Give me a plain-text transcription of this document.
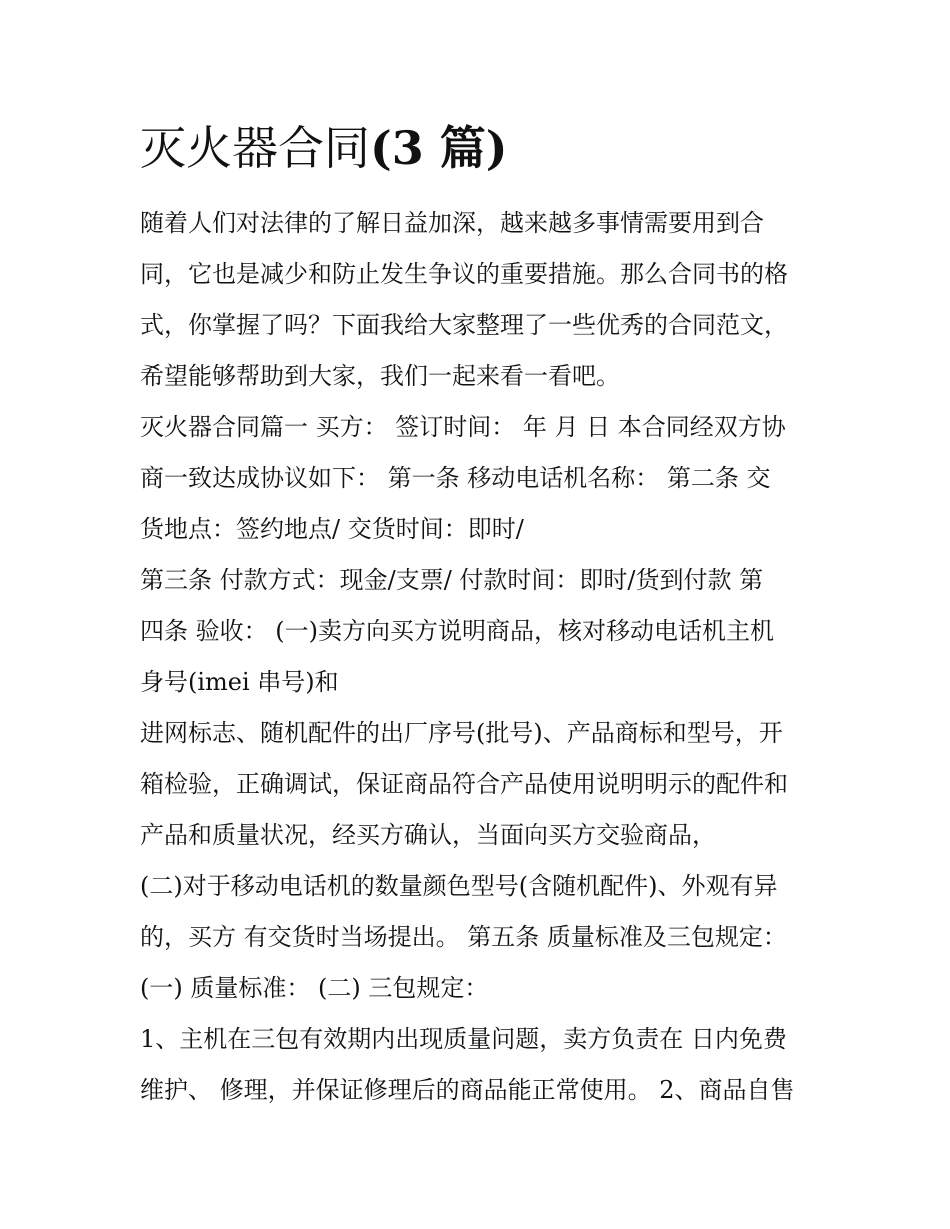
灭火器合同(3 篇)
随着人们对法律的了解日益加深，越来越多事情需要用到合
同，它也是减少和防止发生争议的重要措施。那么合同书的格
式，你掌握了吗？下面我给大家整理了一些优秀的合同范文，
希望能够帮助到大家，我们一起来看一看吧。
灭火器合同篇一 买方： 签订时间： 年 月 日 本合同经双方协
商一致达成协议如下： 第一条 移动电话机名称： 第二条 交
货地点：签约地点/ 交货时间：即时/
第三条 付款方式：现金/支票/ 付款时间：即时/货到付款 第
四条 验收： (一)卖方向买方说明商品，核对移动电话机主机
身号(imei 串号)和
进网标志、随机配件的出厂序号(批号)、产品商标和型号，开
箱检验，正确调试，保证商品符合产品使用说明明示的配件和
产品和质量状况，经买方确认，当面向买方交验商品，
(二)对于移动电话机的数量颜色型号(含随机配件)、外观有异
的，买方 有交货时当场提出。 第五条 质量标准及三包规定：
(一) 质量标准： (二) 三包规定：
1、主机在三包有效期内出现质量问题，卖方负责在 日内免费
维护、 修理，并保证修理后的商品能正常使用。 2、商品自售
